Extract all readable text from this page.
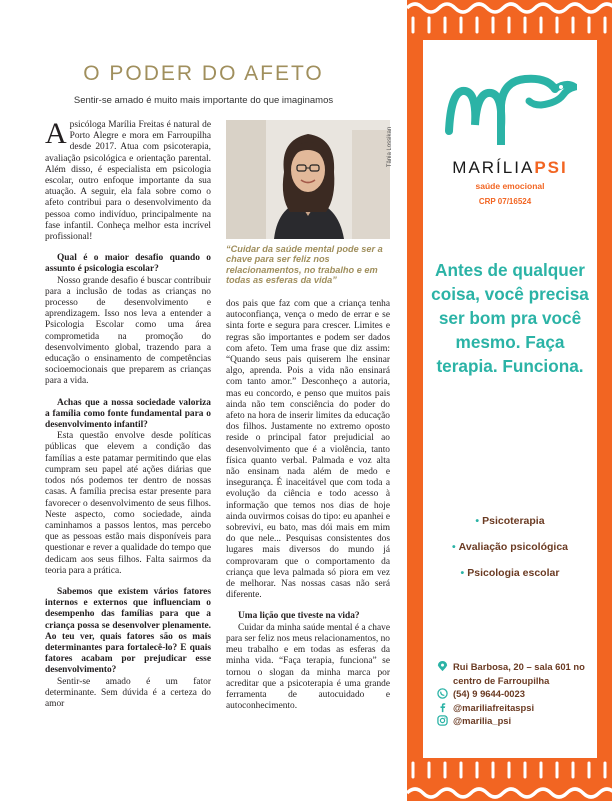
O PODER DO AFETO
Sentir-se amado é muito mais importante do que imaginamos

Apsicóloga Marília Freitas é natural de Porto Alegre e mora em Farroupilha desde 2017. Atua com psicoterapia, avaliação psicológica e orientação parental. Além disso, é especialista em psicologia escolar, outro enfoque importante da sua atuação. A seguir, ela fala sobre como o afeto contribui para o desenvolvimento da pessoa como indivíduo, principalmente na fase infantil. Conheça melhor esta incrível profissional!

Qual é o maior desafio quando o assunto é psicologia escolar?

Nosso grande desafio é buscar contribuir para a inclusão de todas as crianças no processo de desenvolvimento e aprendizagem. Isso nos leva a entender a Psicologia Escolar como uma área comprometida na promoção do desenvolvimento global, trazendo para a educação o ensinamento de competências socioemocionais que preparem as crianças para a vida.

Achas que a nossa sociedade valoriza a família como fonte fundamental para o desenvolvimento infantil?

Esta questão envolve desde políticas públicas que elevem a condição das famílias a este patamar permitindo que elas cumpram seu papel até ações diárias que todos nós podemos ter dentro de nossas casas. A família precisa estar presente para favorecer o desenvolvimento de seus filhos. Neste aspecto, como sociedade, ainda caminhamos a passos lentos, mas percebo que as pessoas estão mais disponíveis para questionar e rever a qualidade do tempo que dedicam aos seus filhos. Falta sairmos da teoria para a prática.

Sabemos que existem vários fatores internos e externos que influenciam o desempenho das famílias para que a criança possa se desenvolver plenamente. Ao teu ver, quais fatores são os mais determinantes para fortalecê-lo? E quais fatores acabam por prejudicar esse desenvolvimento?

Sentir-se amado é um fator determinante. Sem dúvida é a certeza do amor

Tânia Lossikan
“Cuidar da saúde mental pode ser a chave para ser feliz nos relacionamentos, no trabalho e em todas as esferas da vida”

dos pais que faz com que a criança tenha autoconfiança, vença o medo de errar e se sinta forte e segura para crescer. Limites e regras são importantes e podem ser dados com afeto. Tem uma frase que diz assim: “Quando seus pais quiserem lhe ensinar algo, aprenda. Pois a vida não ensinará com tanto amor.” Desconheço a autoria, mas eu concordo, e penso que muitos pais ainda não tem consciência do poder do afeto na hora de inserir limites da educação dos filhos. Justamente no extremo oposto reside o principal fator prejudicial ao desenvolvimento que é a violência, tanto física quanto verbal. Palmada e voz alta não ensinam nada além de medo e insegurança. É inaceitável que com toda a evolução da ciência e todo acesso à informação que temos nos dias de hoje ainda ouvirmos coisas do tipo: eu apanhei e sobrevivi, eu bato, mas dói mais em mim do que nele... Pesquisas consistentes dos lugares mais diversos do mundo já comprovaram que o comportamento da criança que leva palmada só piora em vez de melhorar. Nas nossas casas não será diferente.

Uma lição que tiveste na vida?

Cuidar da minha saúde mental é a chave para ser feliz nos meus relacionamentos, no meu trabalho e em todas as esferas da minha vida. “Faça terapia, funciona” se tornou o slogan da minha marca por acreditar que a psicoterapia é uma grande ferramenta de autocuidado e autoconhecimento.

MARÍLIAPSI
saúde emocional
CRP 07/16524
Antes de qualquer coisa, você precisa ser bom pra você mesmo. Faça terapia. Funciona.
• Psicoterapia
• Avaliação psicológica
• Psicologia escolar
Rui Barbosa, 20 – sala 601 no centro de Farroupilha
(54) 9 9644-0023
@mariliafreitaspsi
@marilia_psi
